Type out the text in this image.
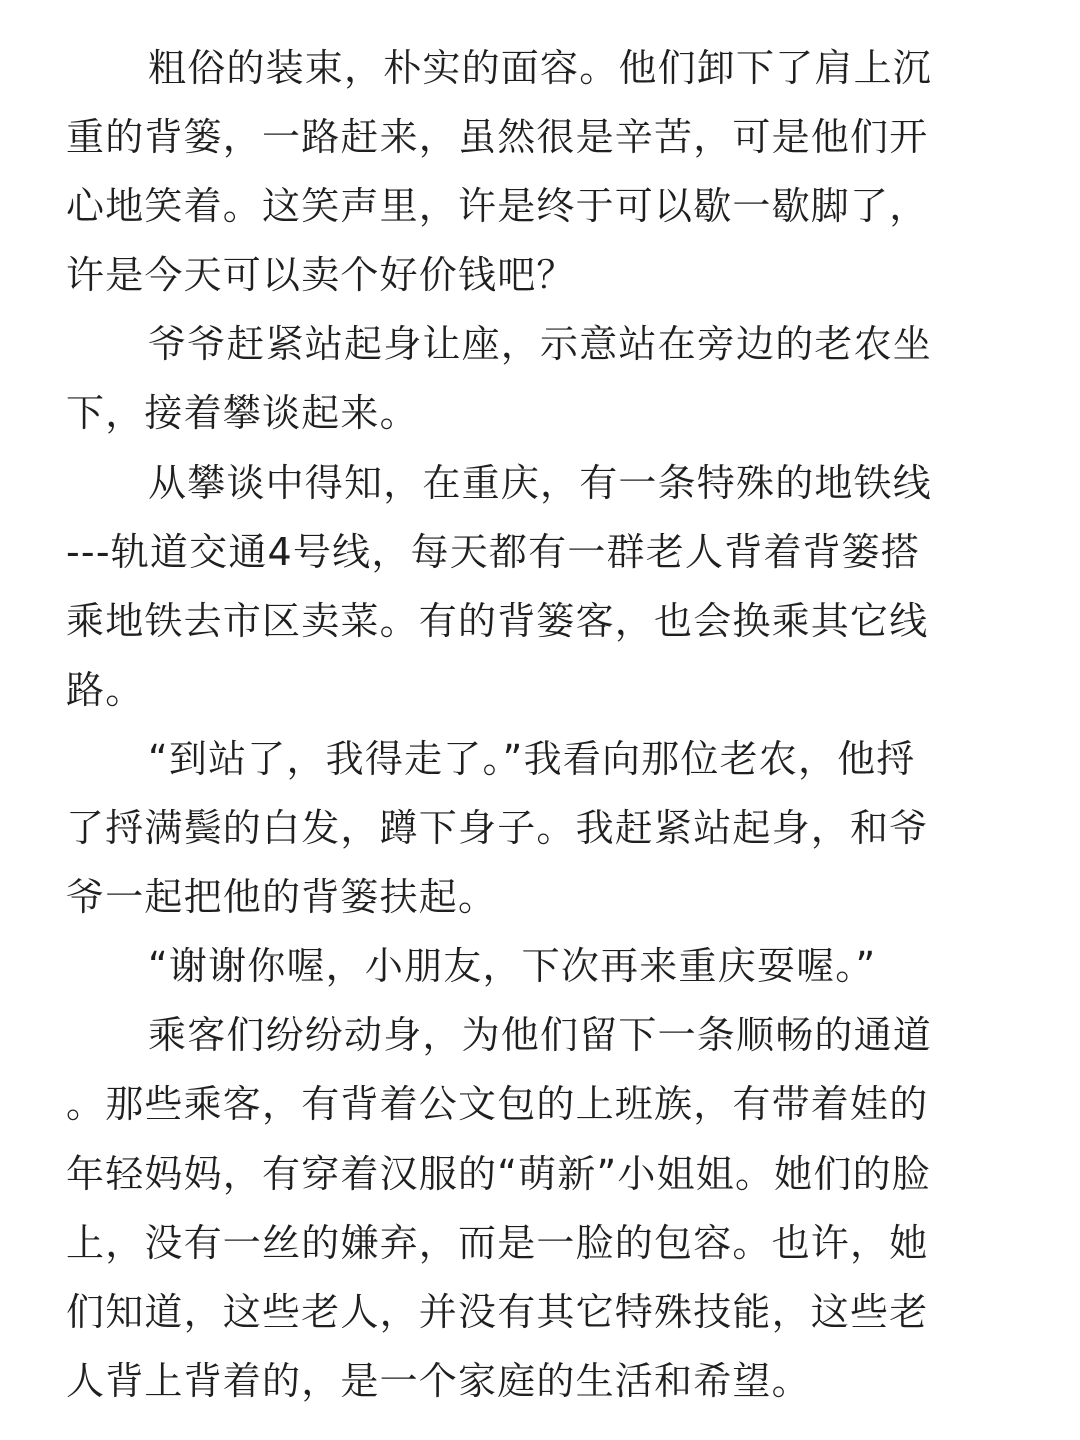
粗俗的装束，朴实的面容。他们卸下了肩上沉
重的背篓，一路赶来，虽然很是辛苦，可是他们开
心地笑着。这笑声里，许是终于可以歇一歇脚了，
许是今天可以卖个好价钱吧？
爷爷赶紧站起身让座，示意站在旁边的老农坐
下，接着攀谈起来。
从攀谈中得知，在重庆，有一条特殊的地铁线
---轨道交通4号线，每天都有一群老人背着背篓搭
乘地铁去市区卖菜。有的背篓客，也会换乘其它线
路。
“到站了，我得走了。”我看向那位老农，他捋
了捋满鬓的白发，蹲下身子。我赶紧站起身，和爷
爷一起把他的背篓扶起。
“谢谢你喔，小朋友，下次再来重庆耍喔。”
乘客们纷纷动身，为他们留下一条顺畅的通道
。那些乘客，有背着公文包的上班族，有带着娃的
年轻妈妈，有穿着汉服的“萌新”小姐姐。她们的脸
上，没有一丝的嫌弃，而是一脸的包容。也许，她
们知道，这些老人，并没有其它特殊技能，这些老
人背上背着的，是一个家庭的生活和希望。
